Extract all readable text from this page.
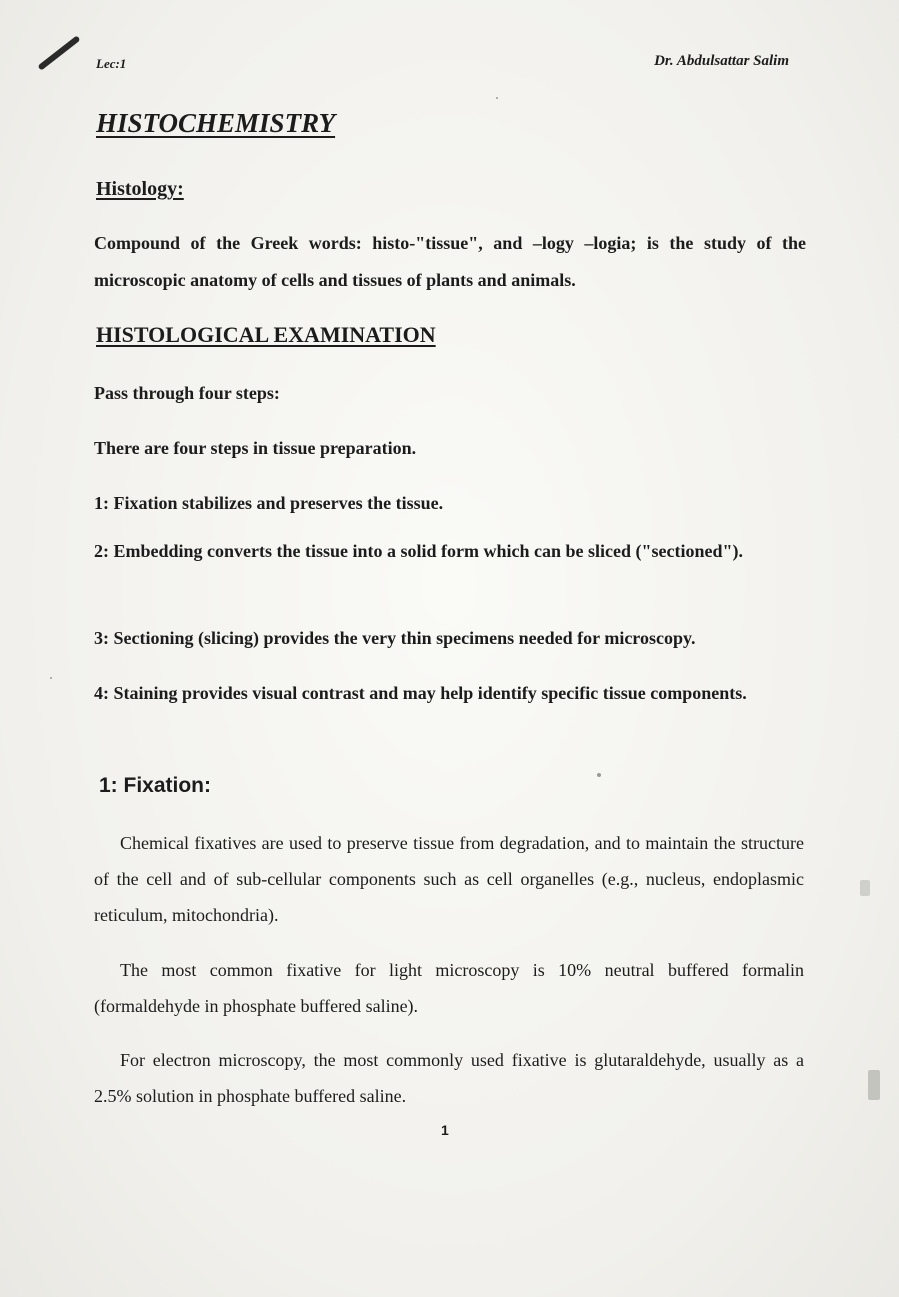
Lec:1	Dr. Abdulsattar Salim
HISTOCHEMISTRY
Histology:
Compound of the Greek words: histo-"tissue", and –logy –logia; is the study of the microscopic anatomy of cells and tissues of plants and animals.
HISTOLOGICAL EXAMINATION
Pass through four steps:
There are four steps in tissue preparation.
1: Fixation stabilizes and preserves the tissue.
2: Embedding converts the tissue into a solid form which can be sliced ("sectioned").
3: Sectioning (slicing) provides the very thin specimens needed for microscopy.
4: Staining provides visual contrast and may help identify specific tissue components.
1: Fixation:
Chemical fixatives are used to preserve tissue from degradation, and to maintain the structure of the cell and of sub-cellular components such as cell organelles (e.g., nucleus, endoplasmic reticulum, mitochondria).
The most common fixative for light microscopy is 10% neutral buffered formalin (formaldehyde in phosphate buffered saline).
For electron microscopy, the most commonly used fixative is glutaraldehyde, usually as a 2.5% solution in phosphate buffered saline.
1
